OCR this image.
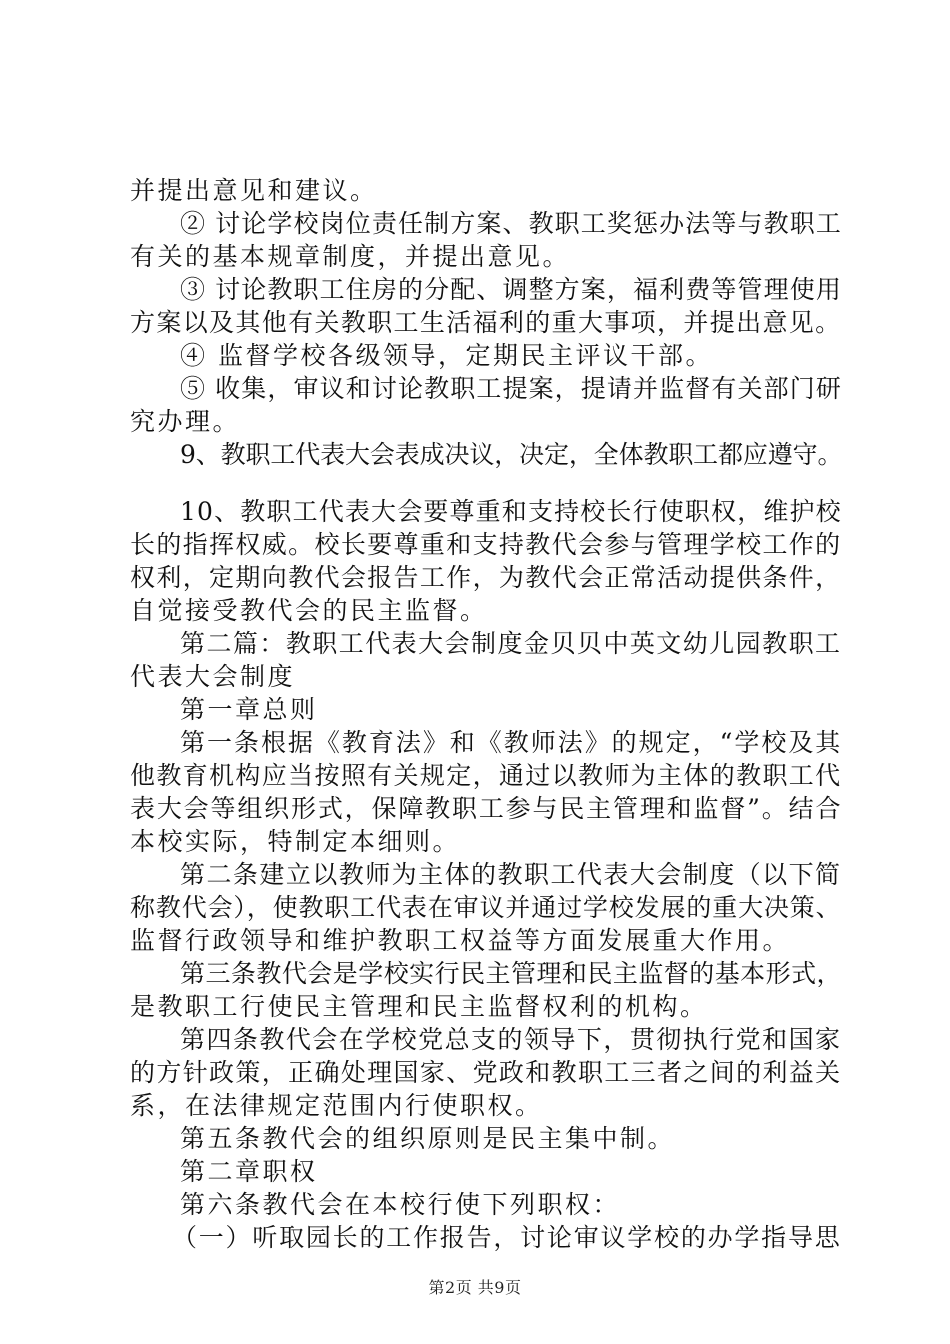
并提出意见和建议。
② 讨论学校岗位责任制方案、教职工奖惩办法等与教职工
有关的基本规章制度，并提出意见。
③ 讨论教职工住房的分配、调整方案，福利费等管理使用
方案以及其他有关教职工生活福利的重大事项，并提出意见。
④ 监督学校各级领导，定期民主评议干部。
⑤ 收集，审议和讨论教职工提案，提请并监督有关部门研
究办理。
9、教职工代表大会表成决议，决定，全体教职工都应遵守。
10、教职工代表大会要尊重和支持校长行使职权，维护校
长的指挥权威。校长要尊重和支持教代会参与管理学校工作的
权利，定期向教代会报告工作，为教代会正常活动提供条件，
自觉接受教代会的民主监督。
第二篇：教职工代表大会制度金贝贝中英文幼儿园教职工
代表大会制度
第一章总则
第一条根据《教育法》和《教师法》的规定，“学校及其
他教育机构应当按照有关规定，通过以教师为主体的教职工代
表大会等组织形式，保障教职工参与民主管理和监督”。结合
本校实际，特制定本细则。
第二条建立以教师为主体的教职工代表大会制度（以下简
称教代会），使教职工代表在审议并通过学校发展的重大决策、
监督行政领导和维护教职工权益等方面发展重大作用。
第三条教代会是学校实行民主管理和民主监督的基本形式，
是教职工行使民主管理和民主监督权利的机构。
第四条教代会在学校党总支的领导下，贯彻执行党和国家
的方针政策，正确处理国家、党政和教职工三者之间的利益关
系，在法律规定范围内行使职权。
第五条教代会的组织原则是民主集中制。
第二章职权
第六条教代会在本校行使下列职权：
（一）听取园长的工作报告，讨论审议学校的办学指导思
第2页 共9页
